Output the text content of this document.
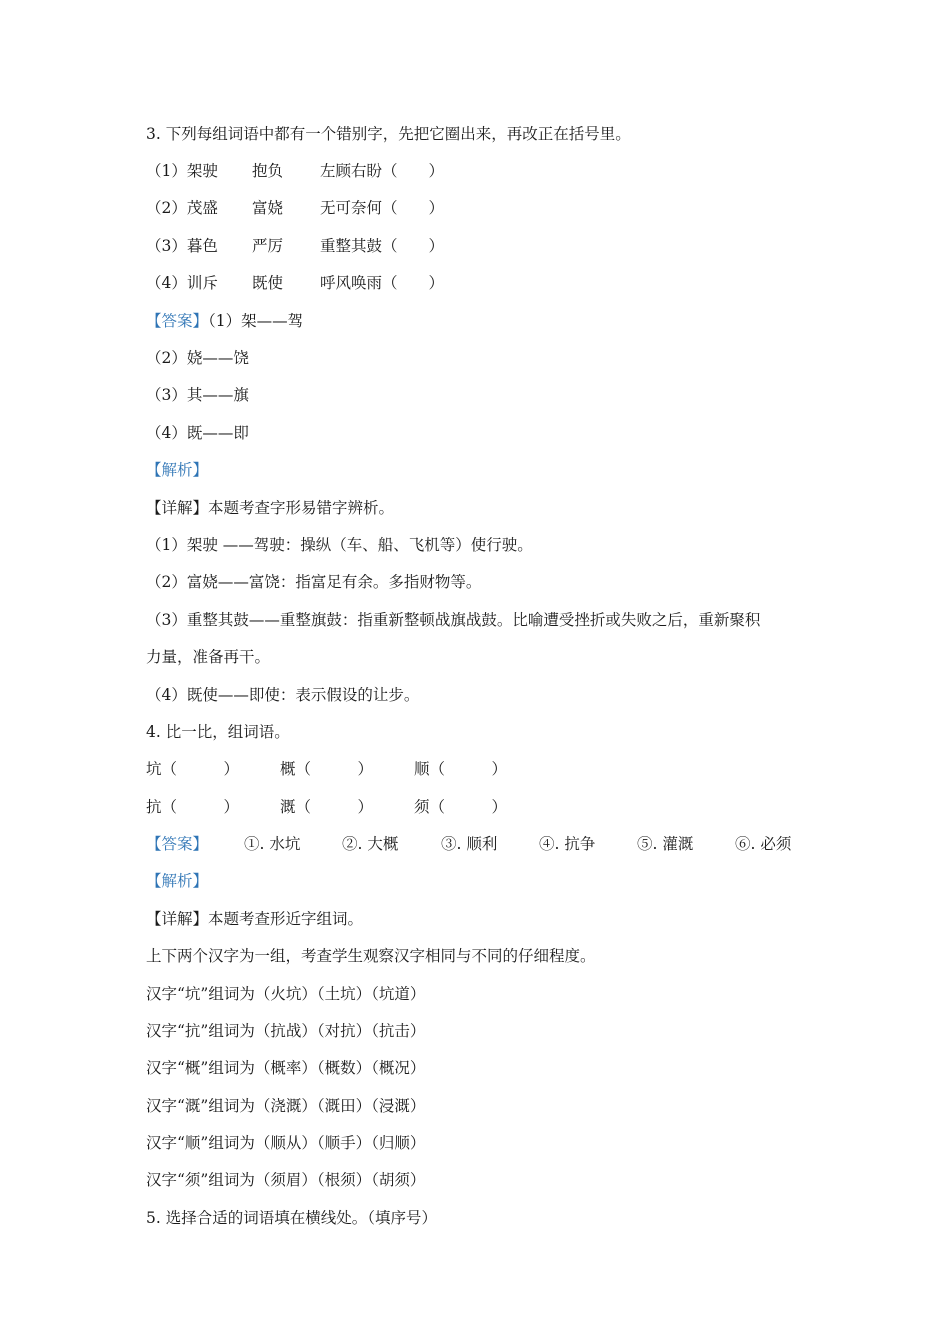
3. 下列每组词语中都有一个错别字，先把它圈出来，再改正在括号里。
（1）架驶 抱负 左顾右盼（　　）
（2）茂盛 富娆 无可奈何（　　）
（3）暮色 严厉 重整其鼓（　　）
（4）训斥 既使 呼风唤雨（　　）
【答案】（1）架——驾
（2）娆——饶
（3）其——旗
（4）既——即
【解析】
【详解】本题考查字形易错字辨析。
（1）架驶 ——驾驶：操纵（车、船、飞机等）使行驶。
（2）富娆——富饶：指富足有余。多指财物等。
（3）重整其鼓——重整旗鼓：指重新整顿战旗战鼓。比喻遭受挫折或失败之后，重新聚积
力量，准备再干。
（4）既使——即使：表示假设的让步。
4. 比一比，组词语。
坑（　　　）	概（　　　）	顺（　　　）
抗（　　　）	溉（　　　）	须（　　　）
【答案】 ①. 水坑	②. 大概	③. 顺利	④. 抗争	⑤. 灌溉	⑥. 必须
【解析】
【详解】本题考查形近字组词。
上下两个汉字为一组，考查学生观察汉字相同与不同的仔细程度。
汉字“坑”组词为（火坑）（土坑）（坑道）
汉字“抗”组词为（抗战）（对抗）（抗击）
汉字“概”组词为（概率）（概数）（概况）
汉字“溉”组词为（浇溉）（溉田）（浸溉）
汉字“顺”组词为（顺从）（顺手）（归顺）
汉字“须”组词为（须眉）（根须）（胡须）
5. 选择合适的词语填在横线处。（填序号）
